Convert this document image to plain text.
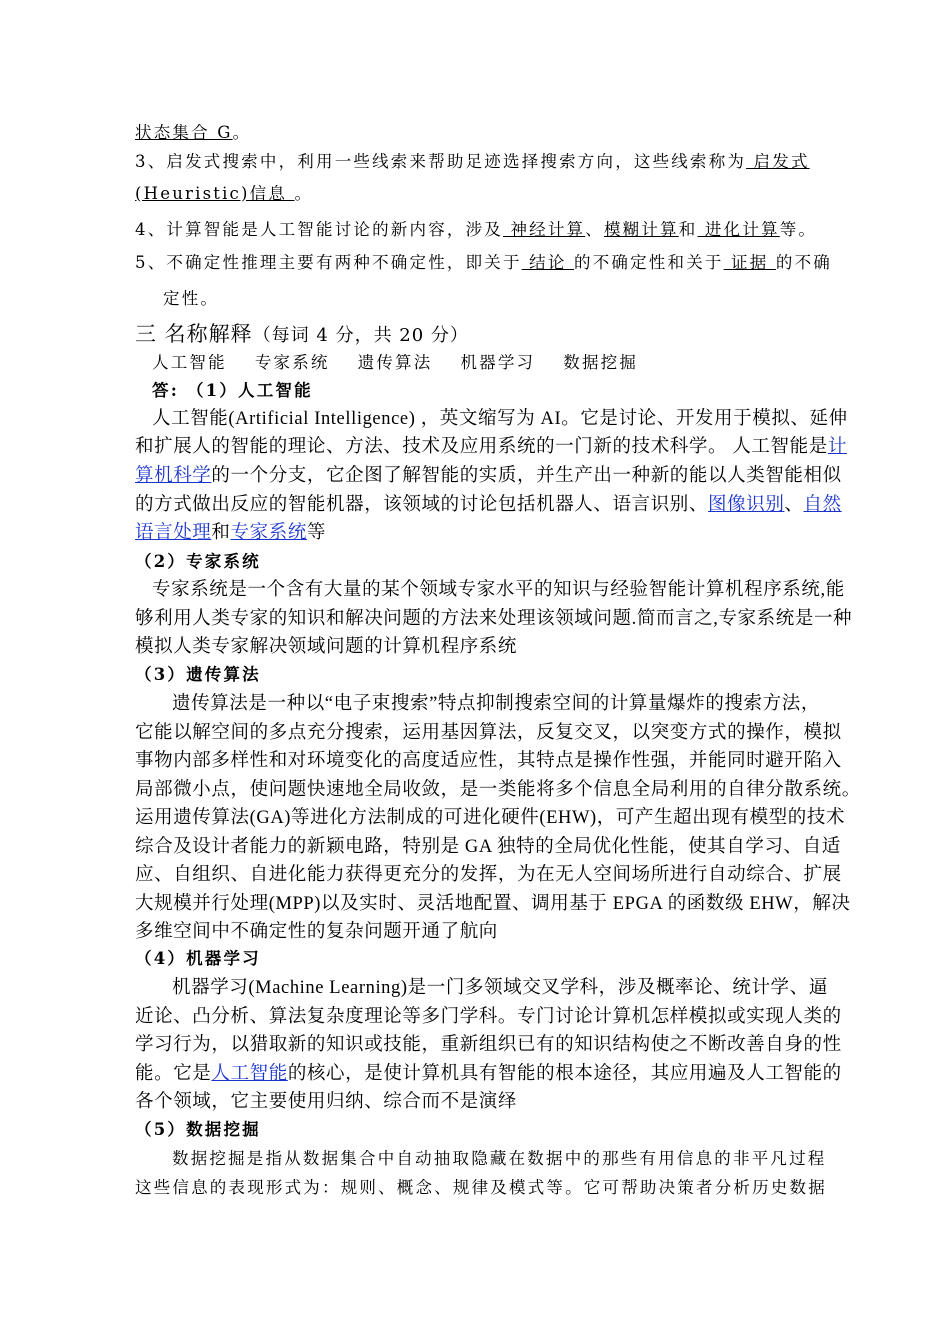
状态集合 G。
3、启发式搜索中，利用一些线索来帮助足迹选择搜索方向，这些线索称为 启发式
(Heuristic)信息 。
4、计算智能是人工智能讨论的新内容，涉及 神经计算、模糊计算和 进化计算等。
5、不确定性推理主要有两种不确定性，即关于 结论 的不确定性和关于 证据 的不确
定性。
三 名称解释（每词 4 分，共 20 分）
人工智能 专家系统 遗传算法 机器学习 数据挖掘
答: （1）人工智能
人工智能(Artificial Intelligence) ，英文缩写为 AI。它是讨论、开发用于模拟、延伸
和扩展人的智能的理论、方法、技术及应用系统的一门新的技术科学。 人工智能是计
算机科学的一个分支，它企图了解智能的实质，并生产出一种新的能以人类智能相似
的方式做出反应的智能机器，该领域的讨论包括机器人、语言识别、图像识别、自然
语言处理和专家系统等
（2）专家系统
专家系统是一个含有大量的某个领域专家水平的知识与经验智能计算机程序系统,能
够利用人类专家的知识和解决问题的方法来处理该领域问题.简而言之,专家系统是一种
模拟人类专家解决领域问题的计算机程序系统
（3）遗传算法
遗传算法是一种以“电子束搜索”特点抑制搜索空间的计算量爆炸的搜索方法，
它能以解空间的多点充分搜索，运用基因算法，反复交叉，以突变方式的操作，模拟
事物内部多样性和对环境变化的高度适应性，其特点是操作性强，并能同时避开陷入
局部微小点，使问题快速地全局收敛，是一类能将多个信息全局利用的自律分散系统。
运用遗传算法(GA)等进化方法制成的可进化硬件(EHW)，可产生超出现有模型的技术
综合及设计者能力的新颖电路，特别是 GA 独特的全局优化性能，使其自学习、自适
应、自组织、自进化能力获得更充分的发挥，为在无人空间场所进行自动综合、扩展
大规模并行处理(MPP)以及实时、灵活地配置、调用基于 EPGA 的函数级 EHW，解决
多维空间中不确定性的复杂问题开通了航向
（4）机器学习
机器学习(Machine Learning)是一门多领域交叉学科，涉及概率论、统计学、逼
近论、凸分析、算法复杂度理论等多门学科。专门讨论计算机怎样模拟或实现人类的
学习行为，以猎取新的知识或技能，重新组织已有的知识结构使之不断改善自身的性
能。它是人工智能的核心，是使计算机具有智能的根本途径，其应用遍及人工智能的
各个领域，它主要使用归纳、综合而不是演绎
（5）数据挖掘
数据挖掘是指从数据集合中自动抽取隐藏在数据中的那些有用信息的非平凡过程
这些信息的表现形式为：规则、概念、规律及模式等。它可帮助决策者分析历史数据
